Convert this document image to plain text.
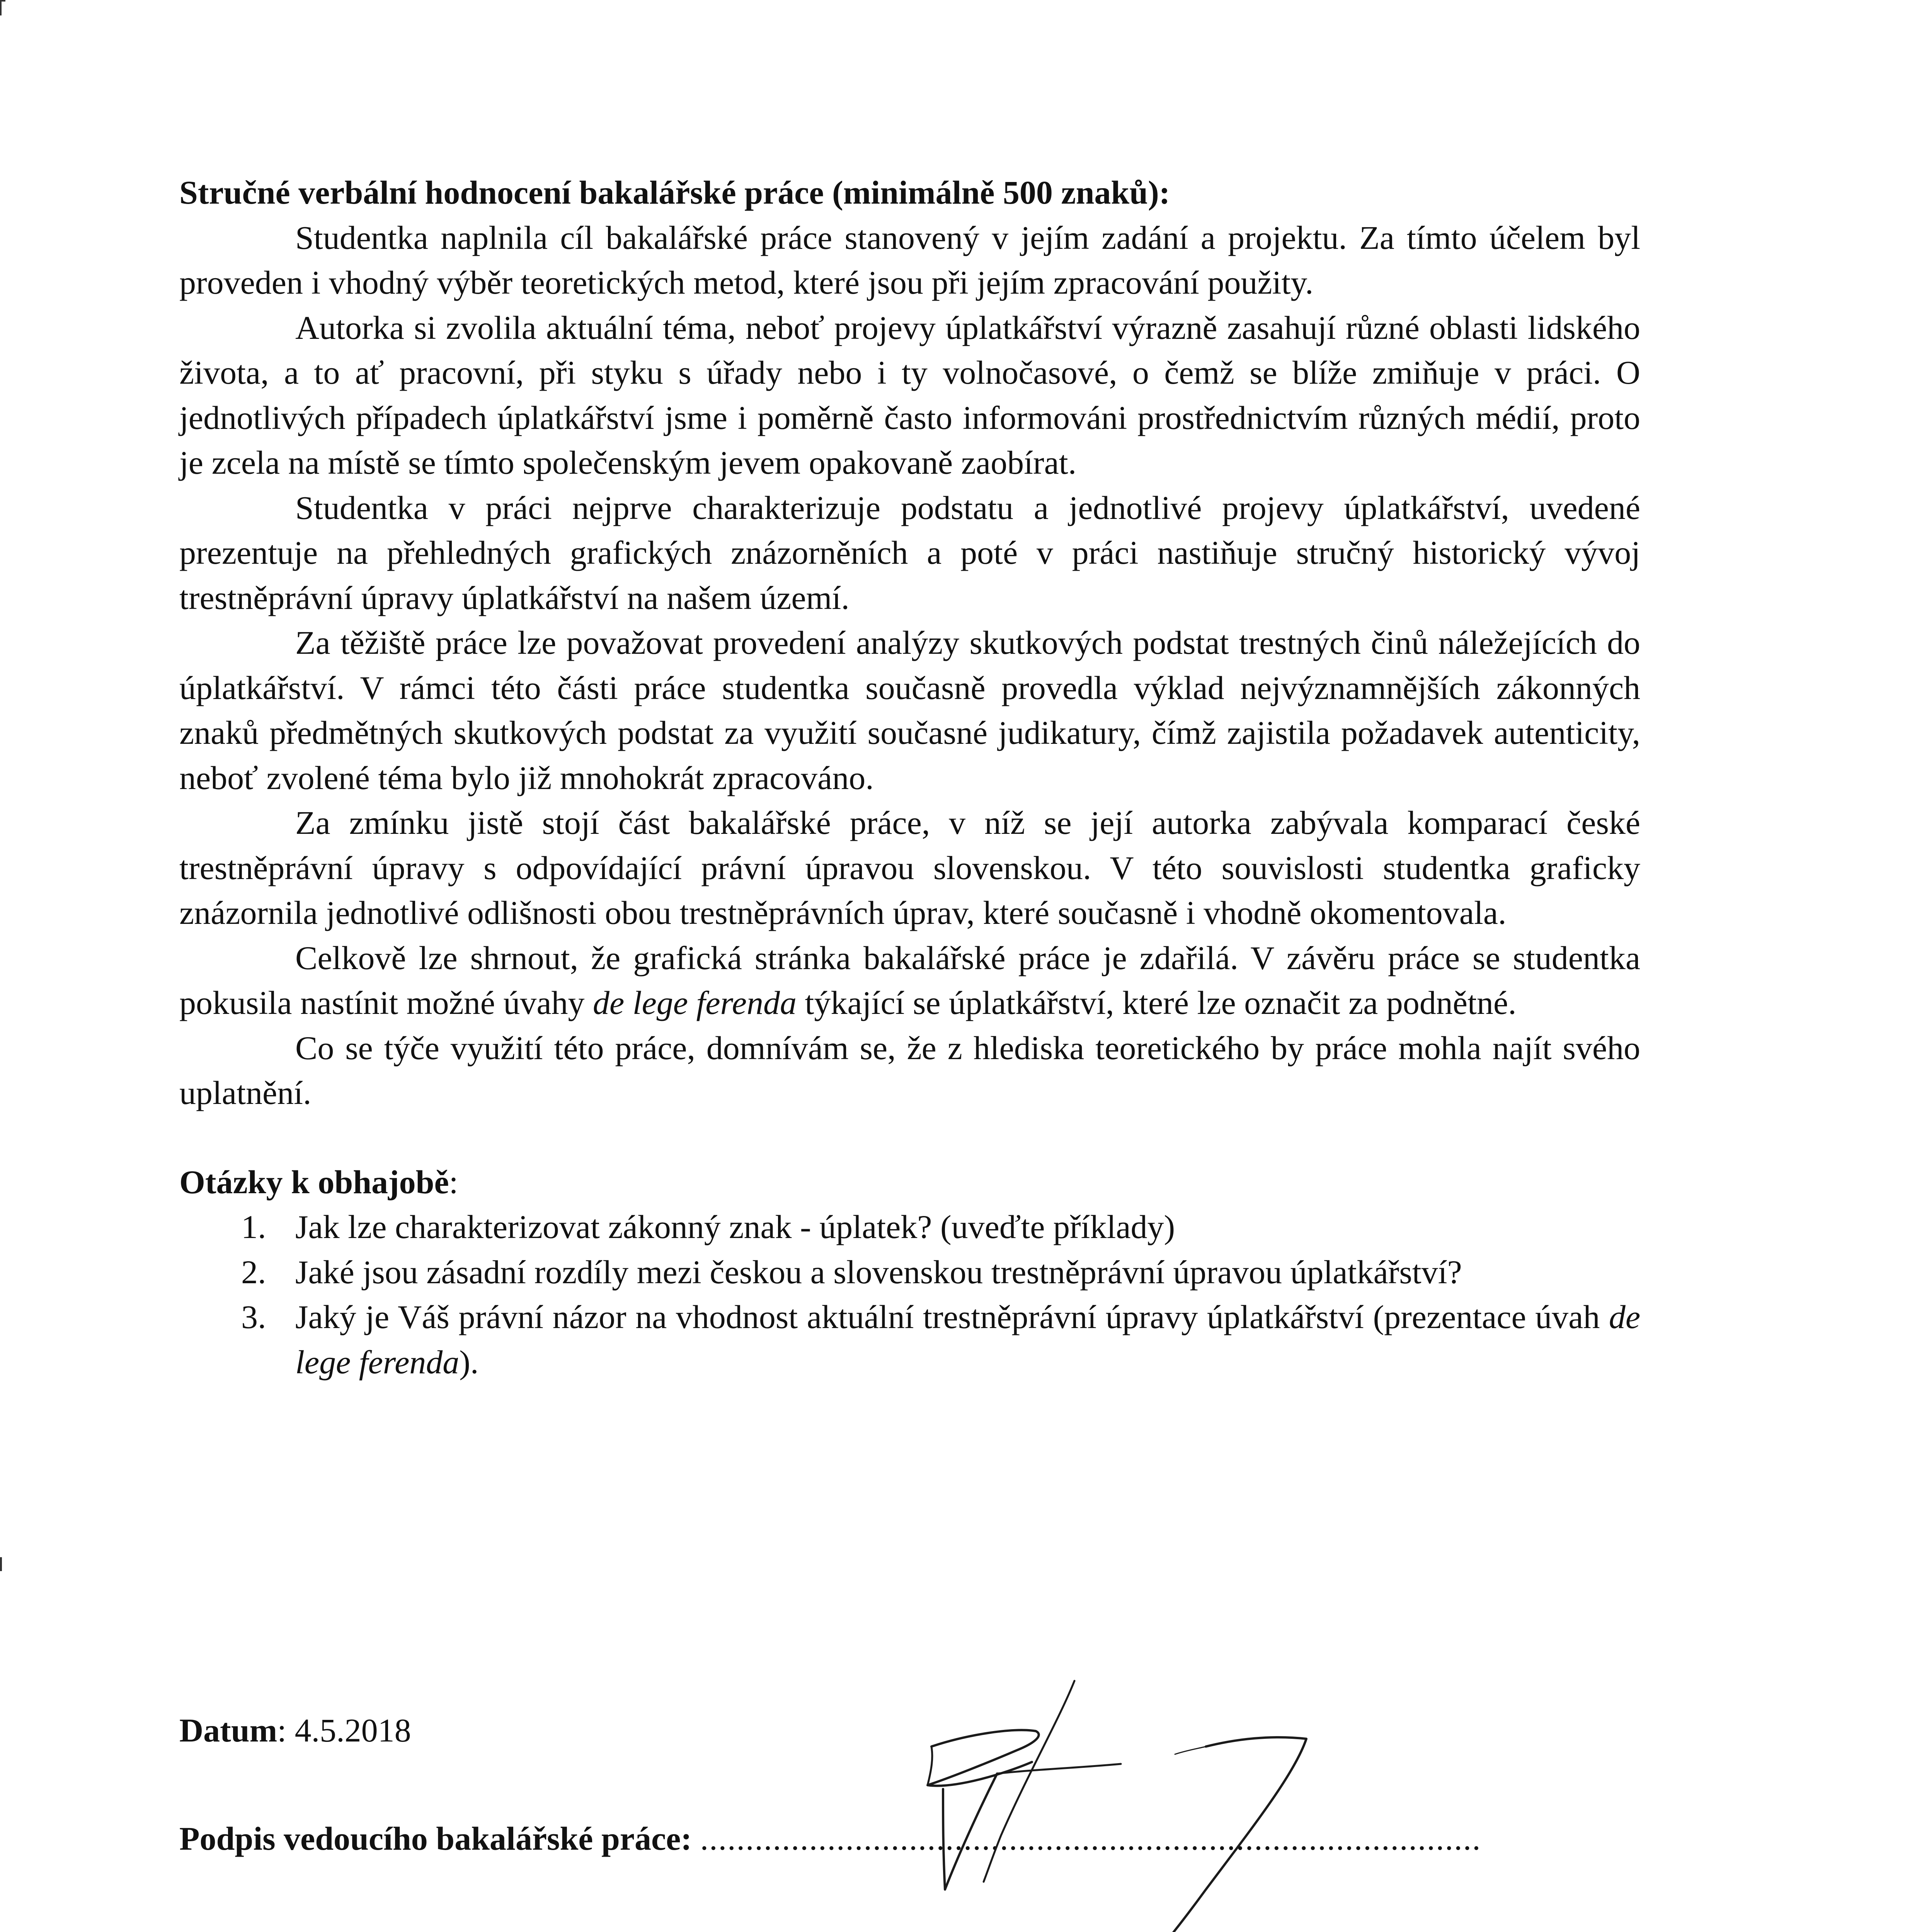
Stručné verbální hodnocení bakalářské práce (minimálně 500 znaků):

Studentka naplnila cíl bakalářské práce stanovený v jejím zadání a projektu. Za tímto účelem byl proveden i vhodný výběr teoretických metod, které jsou při jejím zpracování použity.

Autorka si zvolila aktuální téma, neboť projevy úplatkářství výrazně zasahují různé oblasti lidského života, a to ať pracovní, při styku s úřady nebo i ty volnočasové, o čemž se blíže zmiňuje v práci. O jednotlivých případech úplatkářství jsme i poměrně často informováni prostřednictvím různých médií, proto je zcela na místě se tímto společenským jevem opakovaně zaobírat.

Studentka v práci nejprve charakterizuje podstatu a jednotlivé projevy úplatkářství, uvedené prezentuje na přehledných grafických znázorněních a poté v práci nastiňuje stručný historický vývoj trestněprávní úpravy úplatkářství na našem území.

Za těžiště práce lze považovat provedení analýzy skutkových podstat trestných činů náležejících do úplatkářství. V rámci této části práce studentka současně provedla výklad nejvýznamnějších zákonných znaků předmětných skutkových podstat za využití současné judikatury, čímž zajistila požadavek autenticity, neboť zvolené téma bylo již mnohokrát zpracováno.

Za zmínku jistě stojí část bakalářské práce, v níž se její autorka zabývala komparací české trestněprávní úpravy s odpovídající právní úpravou slovenskou. V této souvislosti studentka graficky znázornila jednotlivé odlišnosti obou trestněprávních úprav, které současně i vhodně okomentovala.

Celkově lze shrnout, že grafická stránka bakalářské práce je zdařilá. V závěru práce se studentka pokusila nastínit možné úvahy de lege ferenda týkající se úplatkářství, které lze označit za podnětné.

Co se týče využití této práce, domnívám se, že z hlediska teoretického by práce mohla najít svého uplatnění.

Otázky k obhajobě:

1. Jak lze charakterizovat zákonný znak - úplatek? (uveďte příklady)
2. Jaké jsou zásadní rozdíly mezi českou a slovenskou trestněprávní úpravou úplatkářství?
3. Jaký je Váš právní názor na vhodnost aktuální trestněprávní úpravy úplatkářství (prezentace úvah de lege ferenda).
Datum: 4.5.2018
Podpis vedoucího bakalářské práce: ......................................................................................
